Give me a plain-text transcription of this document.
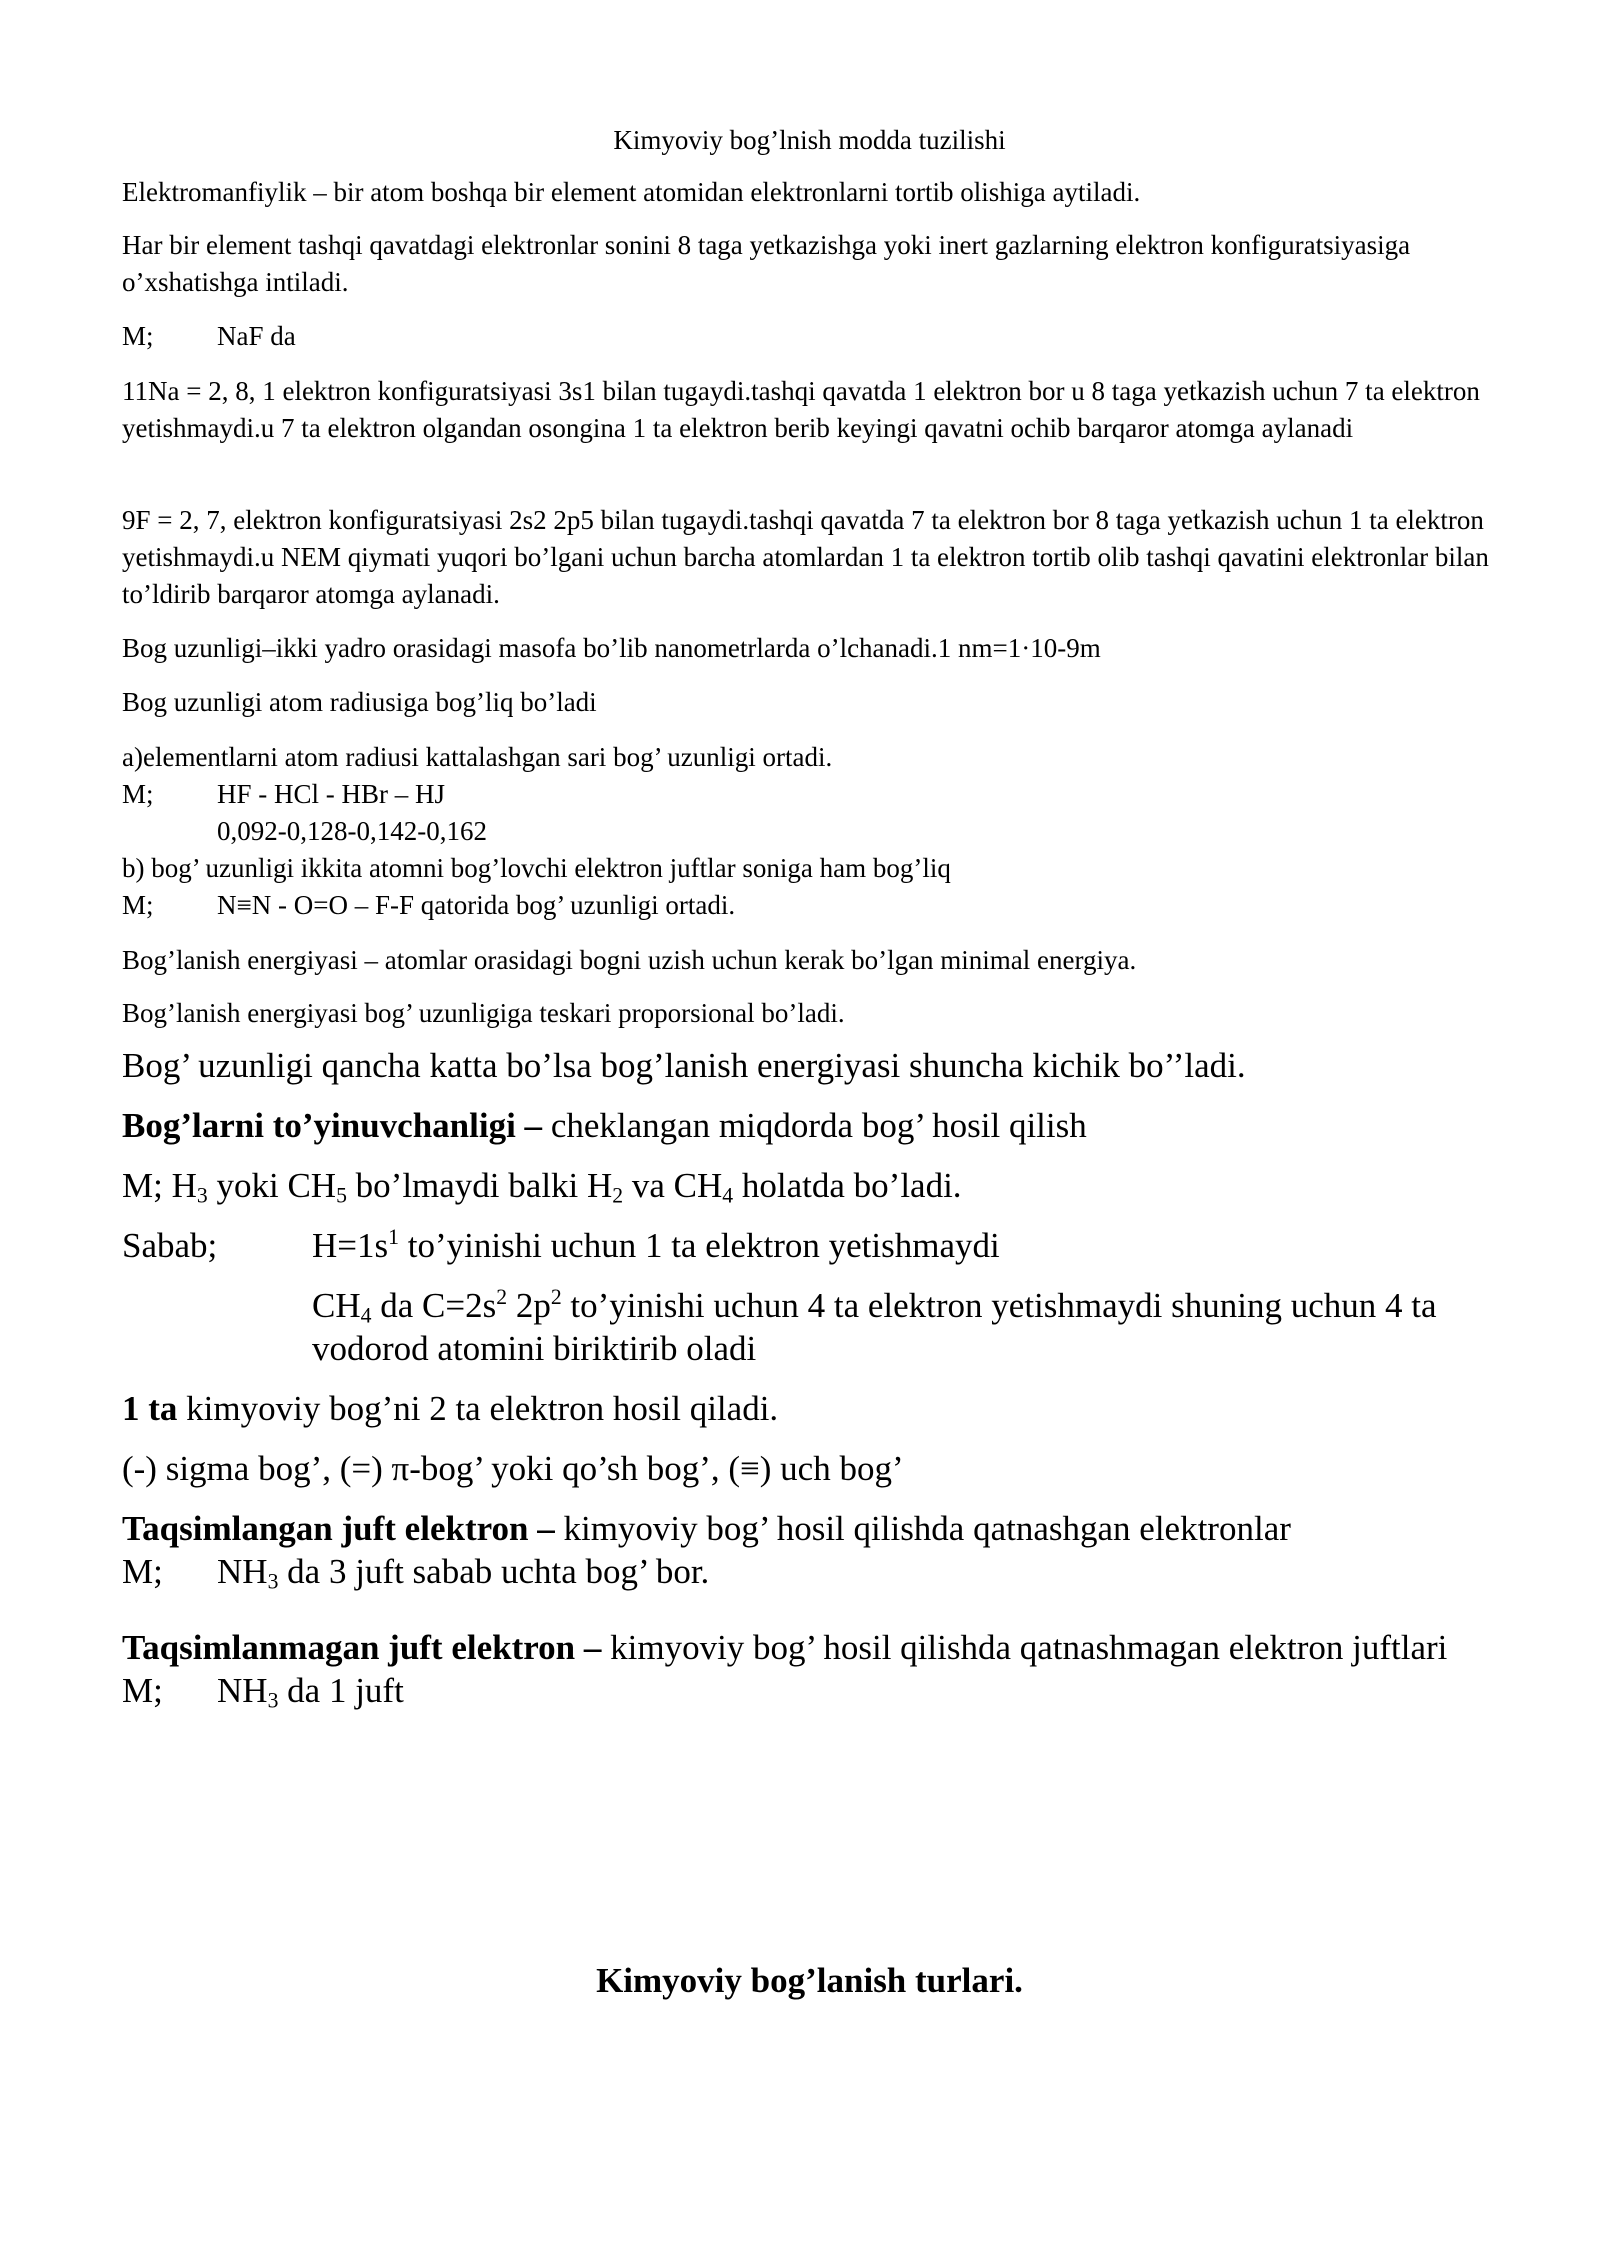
Kimyoviy bog’lnish modda tuzilishi

Elektromanfiylik – bir atom boshqa bir element atomidan elektronlarni tortib olishiga aytiladi.

Har bir element tashqi qavatdagi elektronlar sonini 8 taga yetkazishga yoki inert gazlarning elektron konfiguratsiyasiga o’xshatishga intiladi.

M;	NaF da

11Na = 2, 8, 1 elektron konfiguratsiyasi 3s1 bilan tugaydi.tashqi qavatda 1 elektron bor u 8 taga yetkazish uchun 7 ta elektron yetishmaydi.u 7 ta elektron olgandan osongina 1 ta elektron berib keyingi qavatni ochib barqaror atomga aylanadi

9F = 2, 7, elektron konfiguratsiyasi 2s2 2p5 bilan tugaydi.tashqi qavatda 7 ta elektron bor 8 taga yetkazish uchun 1 ta elektron yetishmaydi.u NEM qiymati yuqori bo’lgani uchun barcha atomlardan 1 ta elektron tortib olib tashqi qavatini elektronlar bilan to’ldirib barqaror atomga aylanadi.

Bog uzunligi–ikki yadro orasidagi masofa bo’lib nanometrlarda o’lchanadi.1 nm=1·10-9m

Bog uzunligi atom radiusiga bog’liq bo’ladi

a)elementlarni atom radiusi kattalashgan sari bog’ uzunligi ortadi.

M;	HF - HCl - HBr – HJ

0,092-0,128-0,142-0,162

b) bog’ uzunligi ikkita atomni bog’lovchi elektron juftlar soniga ham bog’liq

M;	N≡N - O=O – F-F qatorida bog’ uzunligi ortadi.

Bog’lanish energiyasi – atomlar orasidagi bogni uzish uchun kerak bo’lgan minimal energiya.

Bog’lanish energiyasi bog’ uzunligiga teskari proporsional bo’ladi.

Bog’ uzunligi qancha katta bo’lsa bog’lanish energiyasi shuncha kichik bo’’ladi.

Bog’larni to’yinuvchanligi – cheklangan miqdorda bog’ hosil qilish

M; $H_3$ yoki $CH_5$ bo’lmaydi balki $H_2$ va $CH_4$ holatda bo’ladi.

Sabab;	$H=1s^1$ to’yinishi uchun 1 ta elektron yetishmaydi

$CH_4$ da $C=2s^2$ $2p^2$ to’yinishi uchun 4 ta elektron yetishmaydi shuning uchun 4 ta vodorod atomini biriktirib oladi

1 ta kimyoviy bog’ni 2 ta elektron hosil qiladi.

(-) sigma bog’, (=) π-bog’ yoki qo’sh bog’, (≡) uch bog’

Taqsimlangan juft elektron – kimyoviy bog’ hosil qilishda qatnashgan elektronlar

M;	$NH_3$ da 3 juft sabab uchta bog’ bor.

Taqsimlanmagan juft elektron – kimyoviy bog’ hosil qilishda qatnashmagan elektron juftlari

M;	$NH_3$ da 1 juft

Kimyoviy bog’lanish turlari.
